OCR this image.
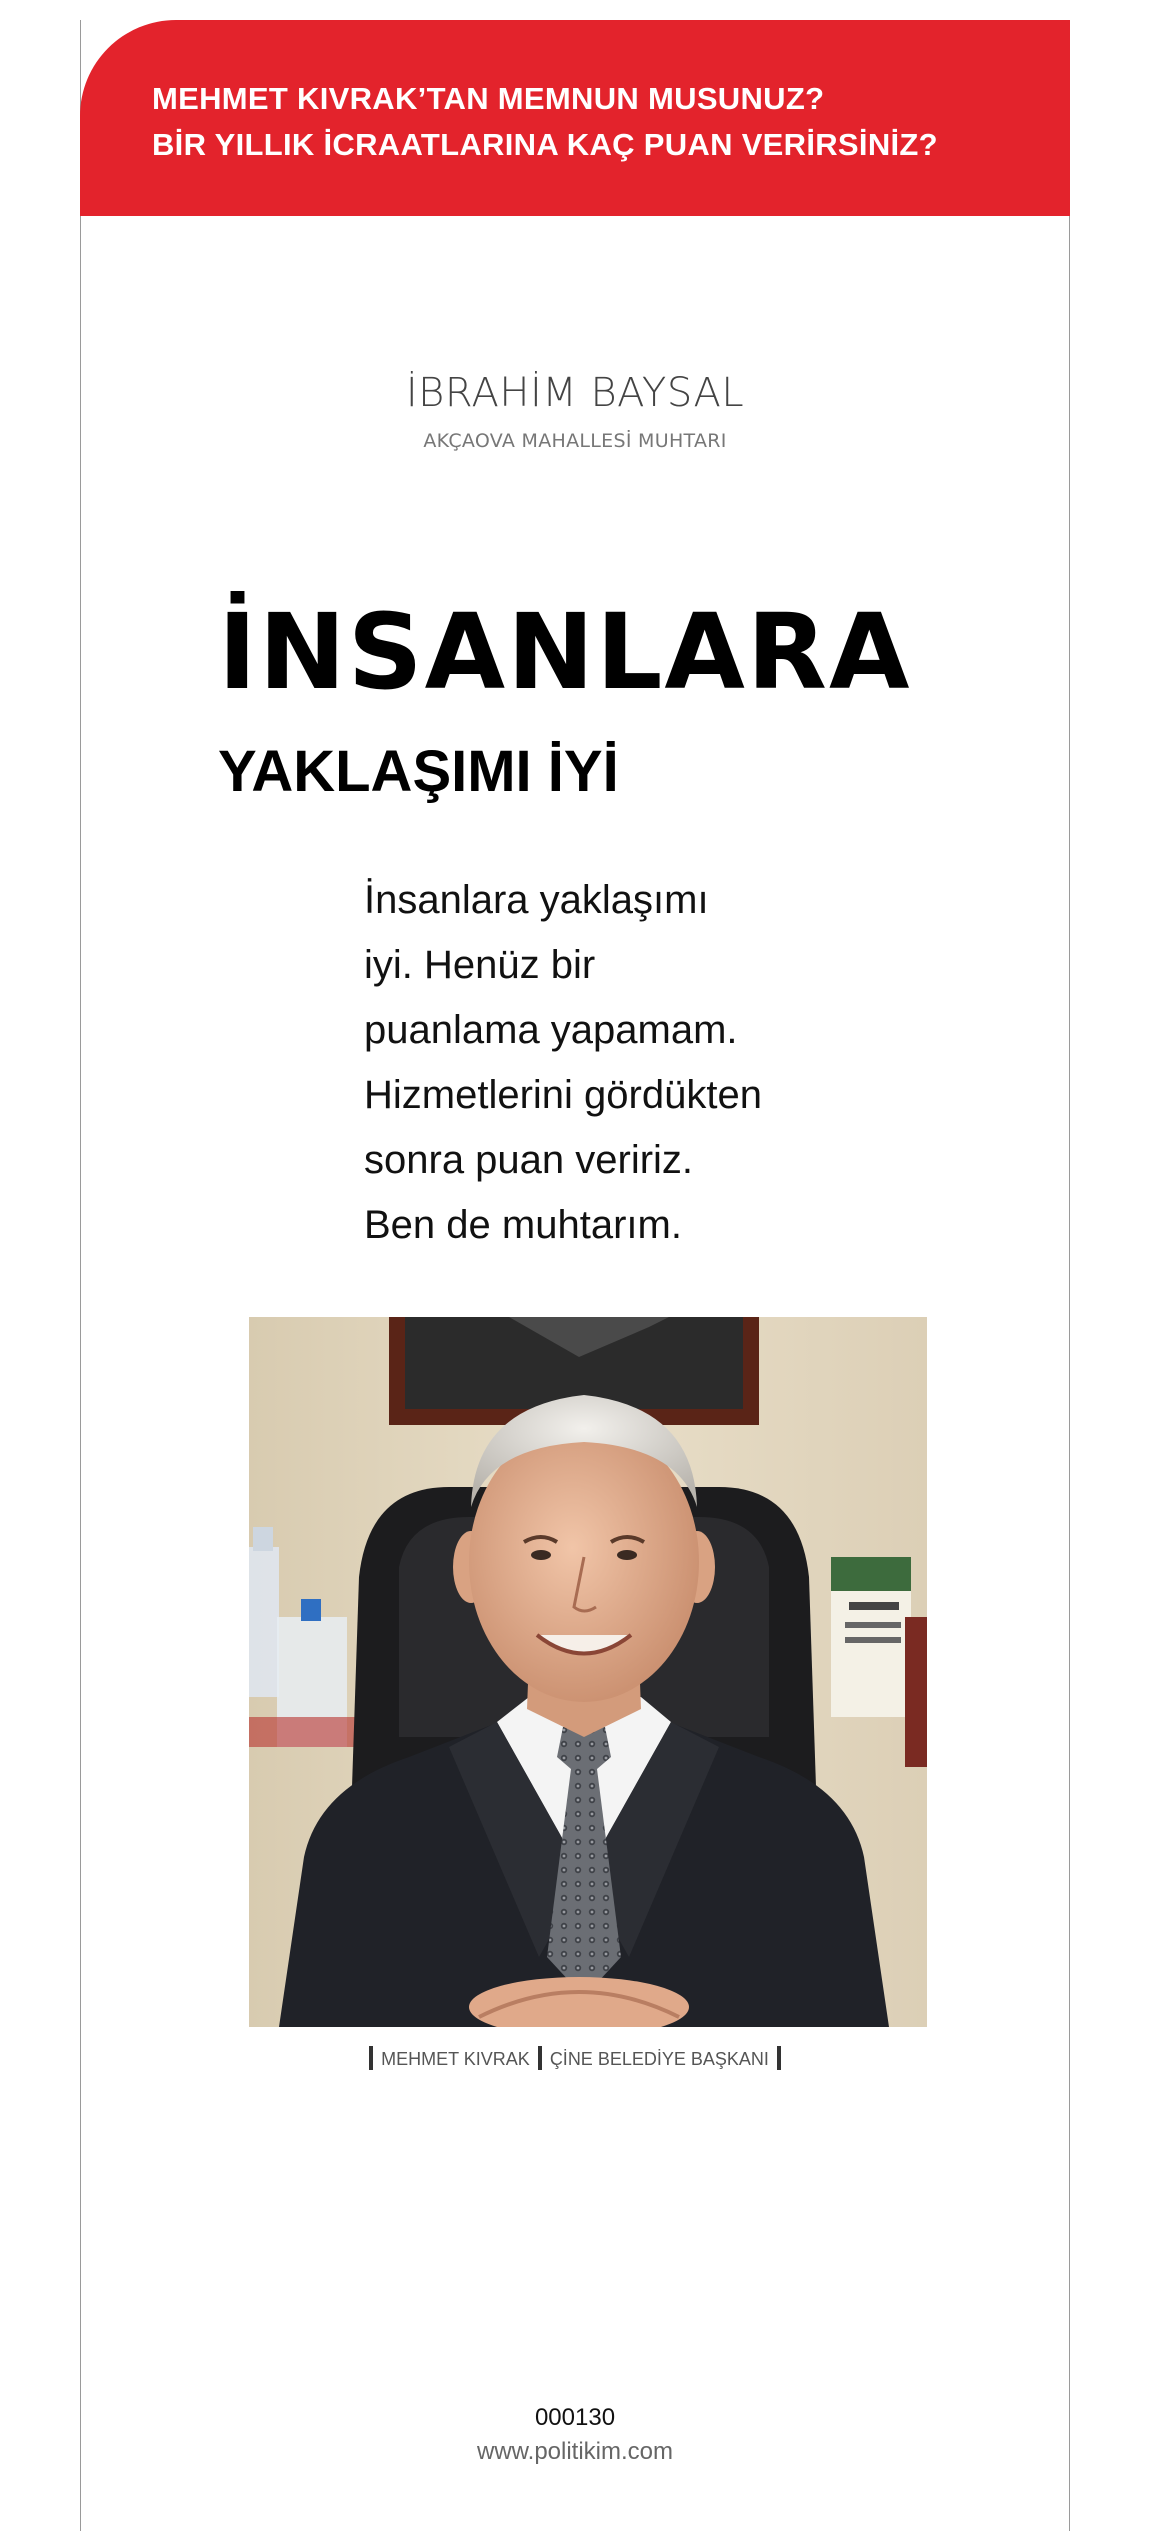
MEHMET KIVRAK’TAN MEMNUN MUSUNUZ?
BİR YILLIK İCRAATLARINA KAÇ PUAN VERİRSİNİZ?
İBRAHİM BAYSAL
AKÇAOVA MAHALLESİ MUHTARI
İNSANLARA
YAKLAŞIMI İYİ
İnsanlara yaklaşımı
iyi. Henüz bir
puanlama yapamam.
Hizmetlerini gördükten
sonra puan veririz.
Ben de muhtarım.
MEHMET KIVRAK ÇİNE BELEDİYE BAŞKANI
000130
www.politikim.com
